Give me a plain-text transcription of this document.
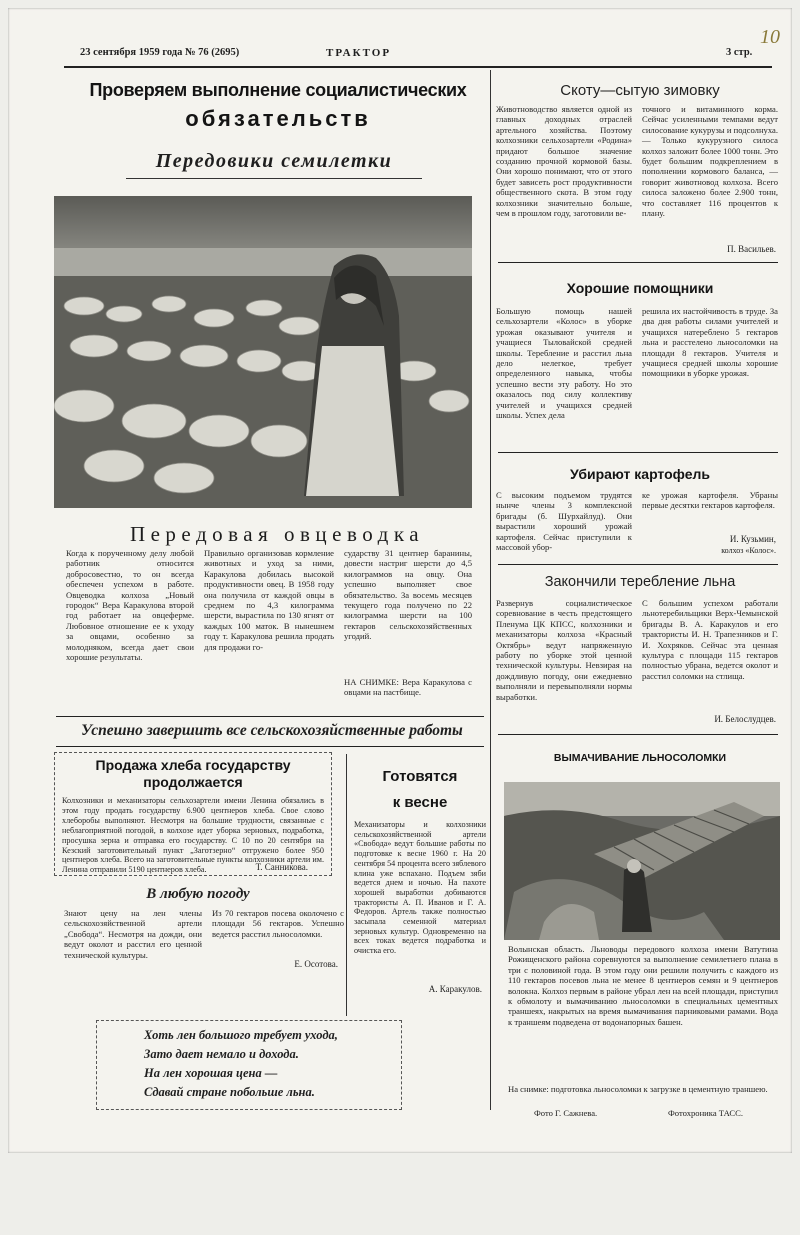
23 сентября 1959 года № 76 (2695)	ТРАКТОР	3 стр.
10
Проверяем выполнение социалистических
обязательств
Передовики семилетки
Передовая овцеводка
Когда к порученному делу любой работник относится добросовестно, то он всегда обеспечен успехом в работе. Овцеводка колхоза „Новый городок“ Вера Каракулова второй год работает на овцеферме. Любовное отношение ее к уходу за овцами, особенно за молодняком, всегда дает свои хорошие результаты.
Правильно организовав кормление животных и уход за ними, Каракулова добилась высокой продуктивности овец. В 1958 году она получила от каждой овцы в среднем по 4,3 килограмма шерсти, вырастила по 130 ягнят от каждых 100 маток. В нынешнем году т. Каракулова решила продать для продажи го-
сударству 31 центнер баранины, довести настриг шерсти до 4,5 килограммов на овцу. Она успешно выполняет свое обязательство. За восемь месяцев текущего года получено по 22 килограмма шерсти на 100 гектаров сельскохозяйственных угодий.
НА СНИМКЕ: Вера Каракулова с овцами на пастбище.
Успешно завершить все сельскохозяйственные работы
Продажа хлеба государству продолжается
Колхозники и механизаторы сельхозартели имени Ленина обязались в этом году продать государству 6.900 центнеров хлеба. Свое слово хлеборобы выполняют. Несмотря на большие трудности, связанные с неблагоприятной погодой, в колхозе идет уборка зерновых, подработка, просушка зерна и отправка его государству. С 10 по 20 сентября на Кезский заготовительный пункт „Заготзерно“ отгружено более 950 центнеров хлеба. Всего на заготовительные пункты колхозники артели им. Ленина отправили 5190 центнеров хлеба.	Т. Санникова.
Готовятся
к весне
Механизаторы и колхозники сельскохозяйственной артели «Свобода» ведут большие работы по подготовке к весне 1960 г. На 20 сентября 54 процента всего зяблевого клина уже вспахано. Подъем зяби ведется днем и ночью. На пахоте хорошей выработки добиваются трактористы А. П. Иванов и Г. А. Федоров. Артель также полностью засыпала семенной материал зерновых культур. Одновременно на всех токах ведется подработка и очистка его.
А. Каракулов.
В любую погоду
Знают цену на лен члены сельскохозяйственной артели „Свобода“. Несмотря на дожди, они ведут околот и расстил его ценной технической культуры.
Из 70 гектаров посева околочено с площади 56 гектаров. Успешно ведется расстил льносоломки.
Е. Осотова.
Хоть лен большого требует ухода,
Зато дает немало и дохода.
На лен хорошая цена —
Сдавай стране побольше льна.
Скоту—сытую зимовку
Животноводство является одной из главных доходных отраслей артельного хозяйства. Поэтому колхозники сельхозартели «Родина» придают большое значение созданию прочной кормовой базы. Они хорошо понимают, что от этого будет зависеть рост продуктивности общественного скота. В этом году колхозники значительно больше, чем в прошлом году, заготовили ве-
точного и витаминного корма. Сейчас усиленными темпами ведут силосование кукурузы и подсолнуха. — Только кукурузного силоса колхоз заложит более 1000 тонн. Это будет большим подкреплением в пополнении кормового баланса, — говорит животновод колхоза. Всего силоса заложено более 2.900 тонн, что составляет 116 процентов к плану.
П. Васильев.
Хорошие помощники
Большую помощь нашей сельхозартели «Колос» в уборке урожая оказывают учителя и учащиеся Тыловайской средней школы. Теребление и расстил льна дело нелегкое, требует определенного навыка, чтобы успешно вести эту работу. Но это оказалось под силу коллективу учителей и учащихся средней школы. Успех дела
решила их настойчивость в труде. За два дня работы силами учителей и учащихся натереблено 5 гектаров льна и расстелено льносоломки на площади 8 гектаров. Учителя и учащиеся средней школы хорошие помощники в уборке урожая.
Убирают картофель
С высоким подъемом трудятся нынче члены 3 комплексной бригады (б. Шурхайлуд). Они вырастили хороший урожай картофеля. Сейчас приступили к массовой убор-
ке урожая картофеля. Убраны первые десятки гектаров картофеля.
И. Кузьмин,
колхоз «Колос».
Закончили теребление льна
Развернув социалистическое соревнование в честь предстоящего Пленума ЦК КПСС, колхозники и механизаторы колхоза «Красный Октябрь» ведут напряженную работу по уборке этой ценной технической культуры. Невзирая на дождливую погоду, они ежедневно выполняли и перевыполняли нормы выработки.
С большим успехом работали льнотеребильщики Верх-Чемынской бригады В. А. Каракулов и его трактористы И. Н. Трапезников и Г. И. Хохряков. Сейчас эта ценная культура с площади 115 гектаров полностью убрана, ведется околот и расстил соломки на стлища.
И. Белослудцев.
ВЫМАЧИВАНИЕ ЛЬНОСОЛОМКИ
Волынская область. Льноводы передового колхоза имени Ватутина Рожищенского района соревнуются за выполнение семилетнего плана в три с половиной года. В этом году они решили получить с каждого из 110 гектаров посевов льна не менее 8 центнеров семян и 9 центнеров волокна. Колхоз первым в районе убрал лен на всей площади, приступил к обмолоту и вымачиванию льносоломки в специальных цементных траншеях, накрытых на время вымачивания парниковыми рамами. Вода к траншеям подведена от водонапорных башен.
На снимке: подготовка льносоломки к загрузке в цементную траншею.
Фото Г. Сажнева.	Фотохроника ТАСС.
